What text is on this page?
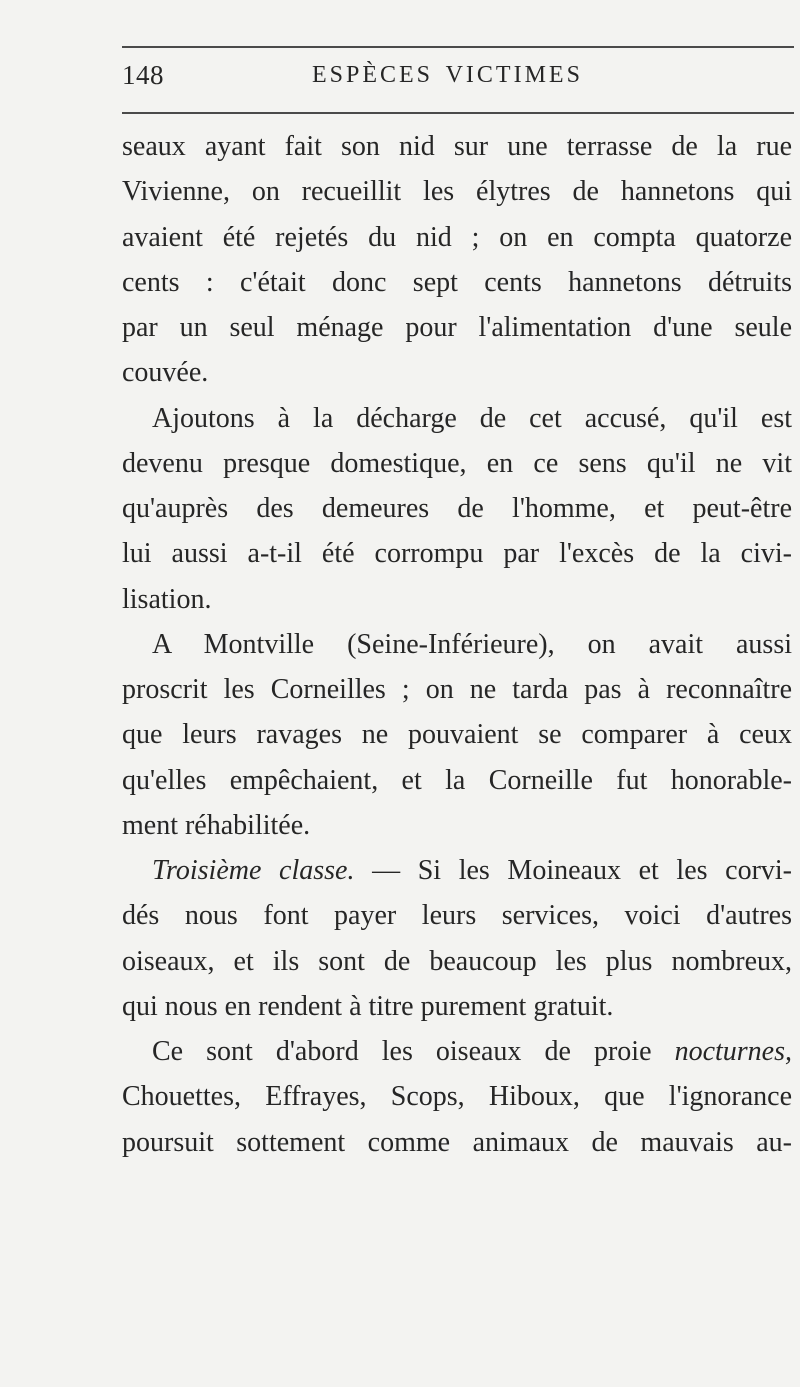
148	ESPÈCES VICTIMES
seaux ayant fait son nid sur une terrasse de la rue
Vivienne, on recueillit les élytres de hannetons qui
avaient été rejetés du nid ; on en compta quatorze
cents : c'était donc sept cents hannetons détruits
par un seul ménage pour l'alimentation d'une seule
couvée.
Ajoutons à la décharge de cet accusé, qu'il est
devenu presque domestique, en ce sens qu'il ne vit
qu'auprès des demeures de l'homme, et peut-être
lui aussi a-t-il été corrompu par l'excès de la civi-
lisation.
A Montville (Seine-Inférieure), on avait aussi
proscrit les Corneilles ; on ne tarda pas à reconnaître
que leurs ravages ne pouvaient se comparer à ceux
qu'elles empêchaient, et la Corneille fut honorable-
ment réhabilitée.
Troisième classe. — Si les Moineaux et les corvi-
dés nous font payer leurs services, voici d'autres
oiseaux, et ils sont de beaucoup les plus nombreux,
qui nous en rendent à titre purement gratuit.
Ce sont d'abord les oiseaux de proie nocturnes,
Chouettes, Effrayes, Scops, Hiboux, que l'ignorance
poursuit sottement comme animaux de mauvais au-
